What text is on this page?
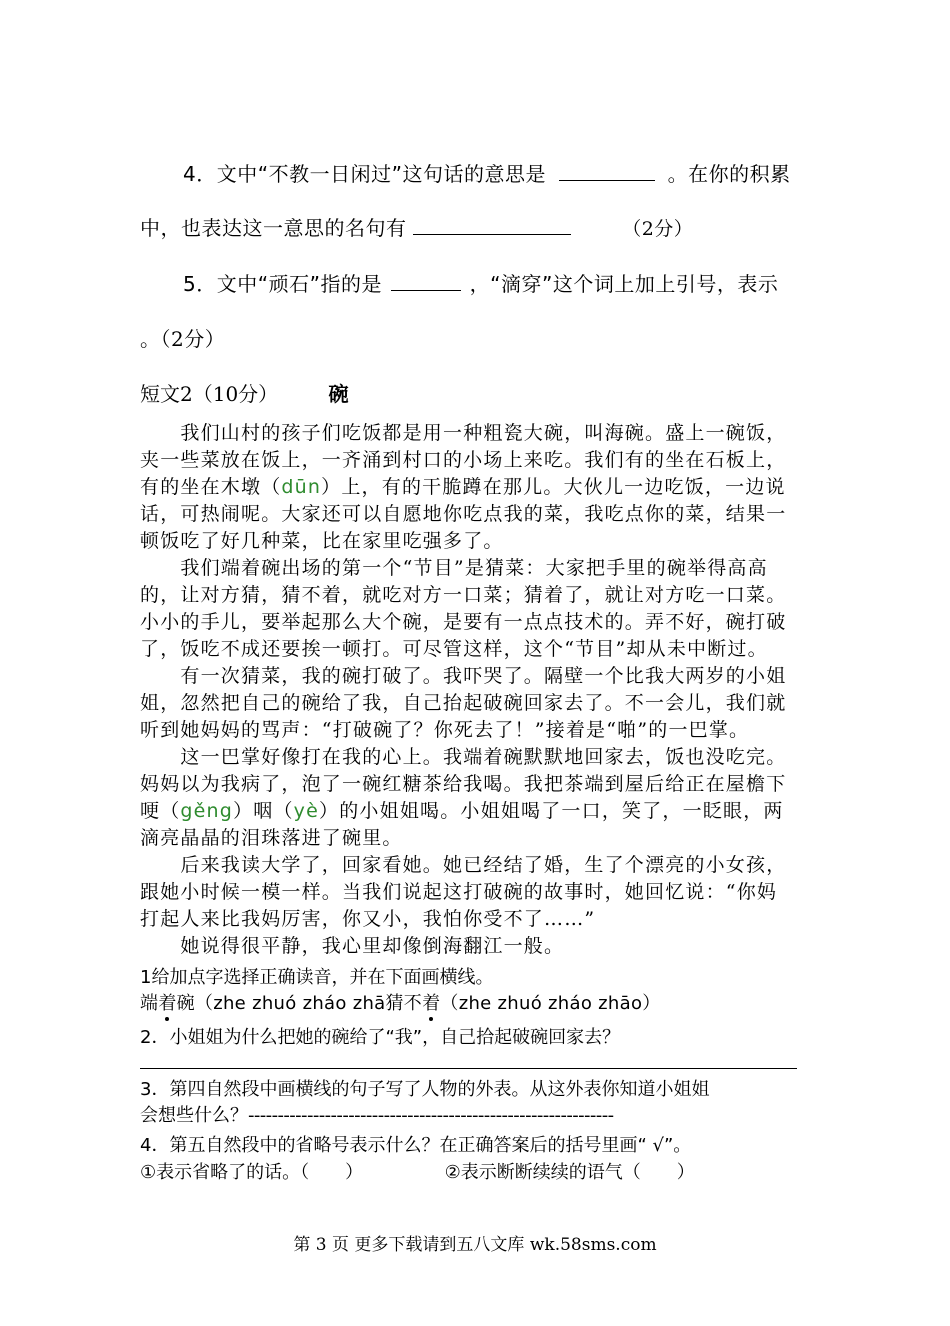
4．文中“不教一日闲过”这句话的意思是	。在你的积累
中，也表达这一意思的名句有	（2分）
5．文中“顽石”指的是	，“滴穿”这个词上加上引号，表示
。（2分）
短文2（10分）	碗
　　我们山村的孩子们吃饭都是用一种粗瓷大碗，叫海碗。盛上一碗饭，
夹一些菜放在饭上，一齐涌到村口的小场上来吃。我们有的坐在石板上，
有的坐在木墩（dūn）上，有的干脆蹲在那儿。大伙儿一边吃饭，一边说
话，可热闹呢。大家还可以自愿地你吃点我的菜，我吃点你的菜，结果一
顿饭吃了好几种菜，比在家里吃强多了。
　　我们端着碗出场的第一个“节目”是猜菜：大家把手里的碗举得高高
的，让对方猜，猜不着，就吃对方一口菜；猜着了，就让对方吃一口菜。
小小的手儿，要举起那么大个碗，是要有一点点技术的。弄不好，碗打破
了，饭吃不成还要挨一顿打。可尽管这样，这个“节目”却从未中断过。
　　有一次猜菜，我的碗打破了。我吓哭了。隔壁一个比我大两岁的小姐
姐，忽然把自己的碗给了我，自己抬起破碗回家去了。不一会儿，我们就
听到她妈妈的骂声：“打破碗了？你死去了！”接着是“啪”的一巴掌。
　　这一巴掌好像打在我的心上。我端着碗默默地回家去，饭也没吃完。
妈妈以为我病了，泡了一碗红糖茶给我喝。我把茶端到屋后给正在屋檐下
哽（gěng）咽（yè）的小姐姐喝。小姐姐喝了一口，笑了，一眨眼，两
滴亮晶晶的泪珠落进了碗里。
　　后来我读大学了，回家看她。她已经结了婚，生了个漂亮的小女孩，
跟她小时候一模一样。当我们说起这打破碗的故事时，她回忆说：“你妈
打起人来比我妈厉害，你又小，我怕你受不了……”
　　她说得很平静，我心里却像倒海翻江一般。
1给加点字选择正确读音，并在下面画横线。
端着碗（zhe zhuó zháo zhā猜不着（zhe zhuó zháo zhāo）
2．小姐姐为什么把她的碗给了“我”，自己拾起破碗回家去？
3．第四自然段中画横线的句子写了人物的外表。从这外表你知道小姐姐
会想些什么？--------------------------------------------------------------
4．第五自然段中的省略号表示什么？在正确答案后的括号里画“ √”。
①表示省略了的话。（　　）	②表示断断续续的语气（　　）
第 3 页 更多下载请到五八文库 wk.58sms.com
